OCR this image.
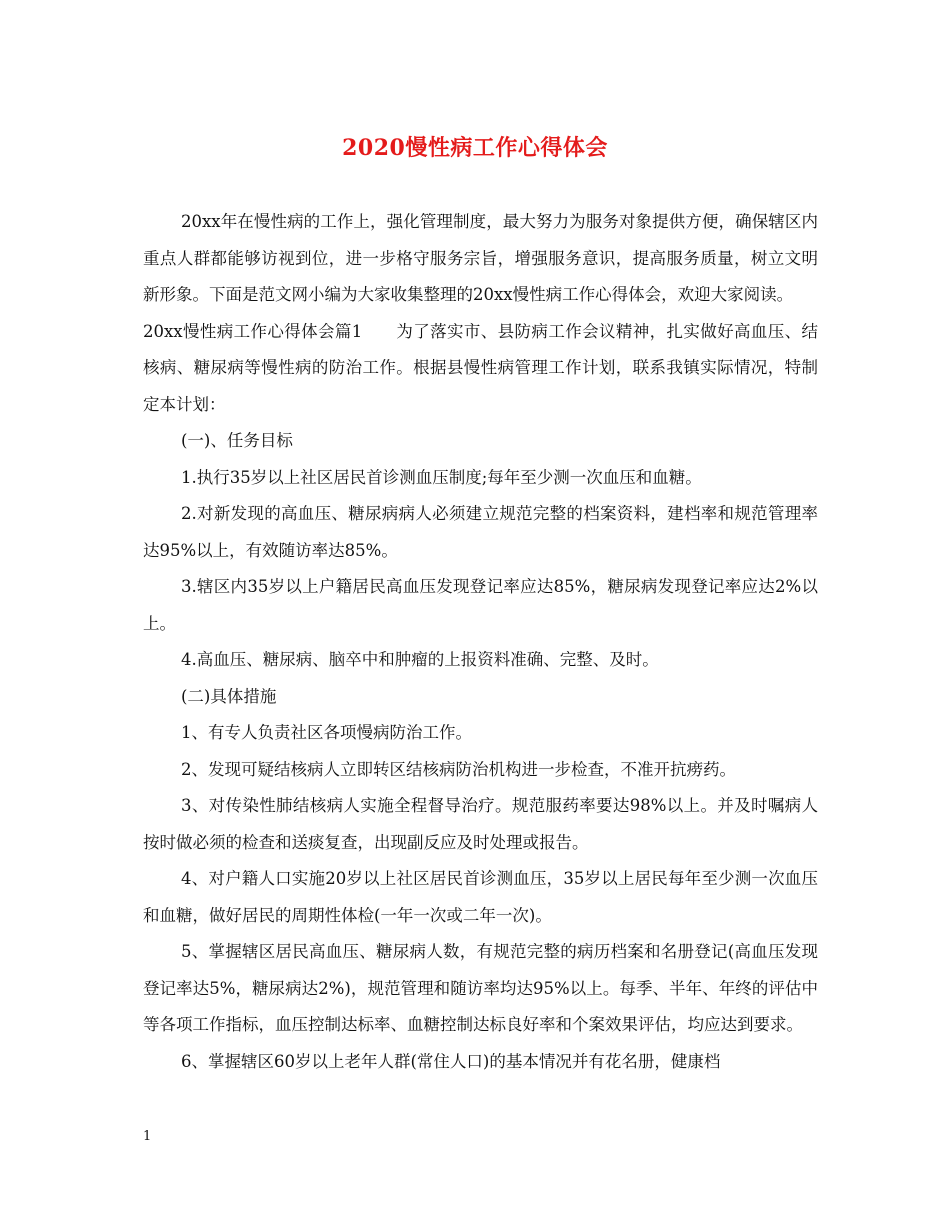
2020慢性病工作心得体会

20xx年在慢性病的工作上，强化管理制度，最大努力为服务对象提供方便，确保辖区内重点人群都能够访视到位，进一步格守服务宗旨，增强服务意识，提高服务质量，树立文明新形象。下面是范文网小编为大家收集整理的20xx慢性病工作心得体会，欢迎大家阅读。

20xx慢性病工作心得体会篇1　　为了落实市、县防病工作会议精神，扎实做好高血压、结核病、糖尿病等慢性病的防治工作。根据县慢性病管理工作计划，联系我镇实际情况，特制定本计划：

(一)、任务目标

1.执行35岁以上社区居民首诊测血压制度;每年至少测一次血压和血糖。

2.对新发现的高血压、糖尿病病人必须建立规范完整的档案资料，建档率和规范管理率达95%以上，有效随访率达85%。

3.辖区内35岁以上户籍居民高血压发现登记率应达85%，糖尿病发现登记率应达2%以上。

4.高血压、糖尿病、脑卒中和肿瘤的上报资料准确、完整、及时。

(二)具体措施

1、有专人负责社区各项慢病防治工作。

2、发现可疑结核病人立即转区结核病防治机构进一步检查，不准开抗痨药。

3、对传染性肺结核病人实施全程督导治疗。规范服药率要达98%以上。并及时嘱病人按时做必须的检查和送痰复查，出现副反应及时处理或报告。

4、对户籍人口实施20岁以上社区居民首诊测血压，35岁以上居民每年至少测一次血压和血糖，做好居民的周期性体检(一年一次或二年一次)。

5、掌握辖区居民高血压、糖尿病人数，有规范完整的病历档案和名册登记(高血压发现登记率达5%，糖尿病达2%)，规范管理和随访率均达95%以上。每季、半年、年终的评估中等各项工作指标，血压控制达标率、血糖控制达标良好率和个案效果评估，均应达到要求。

6、掌握辖区60岁以上老年人群(常住人口)的基本情况并有花名册，健康档

1
